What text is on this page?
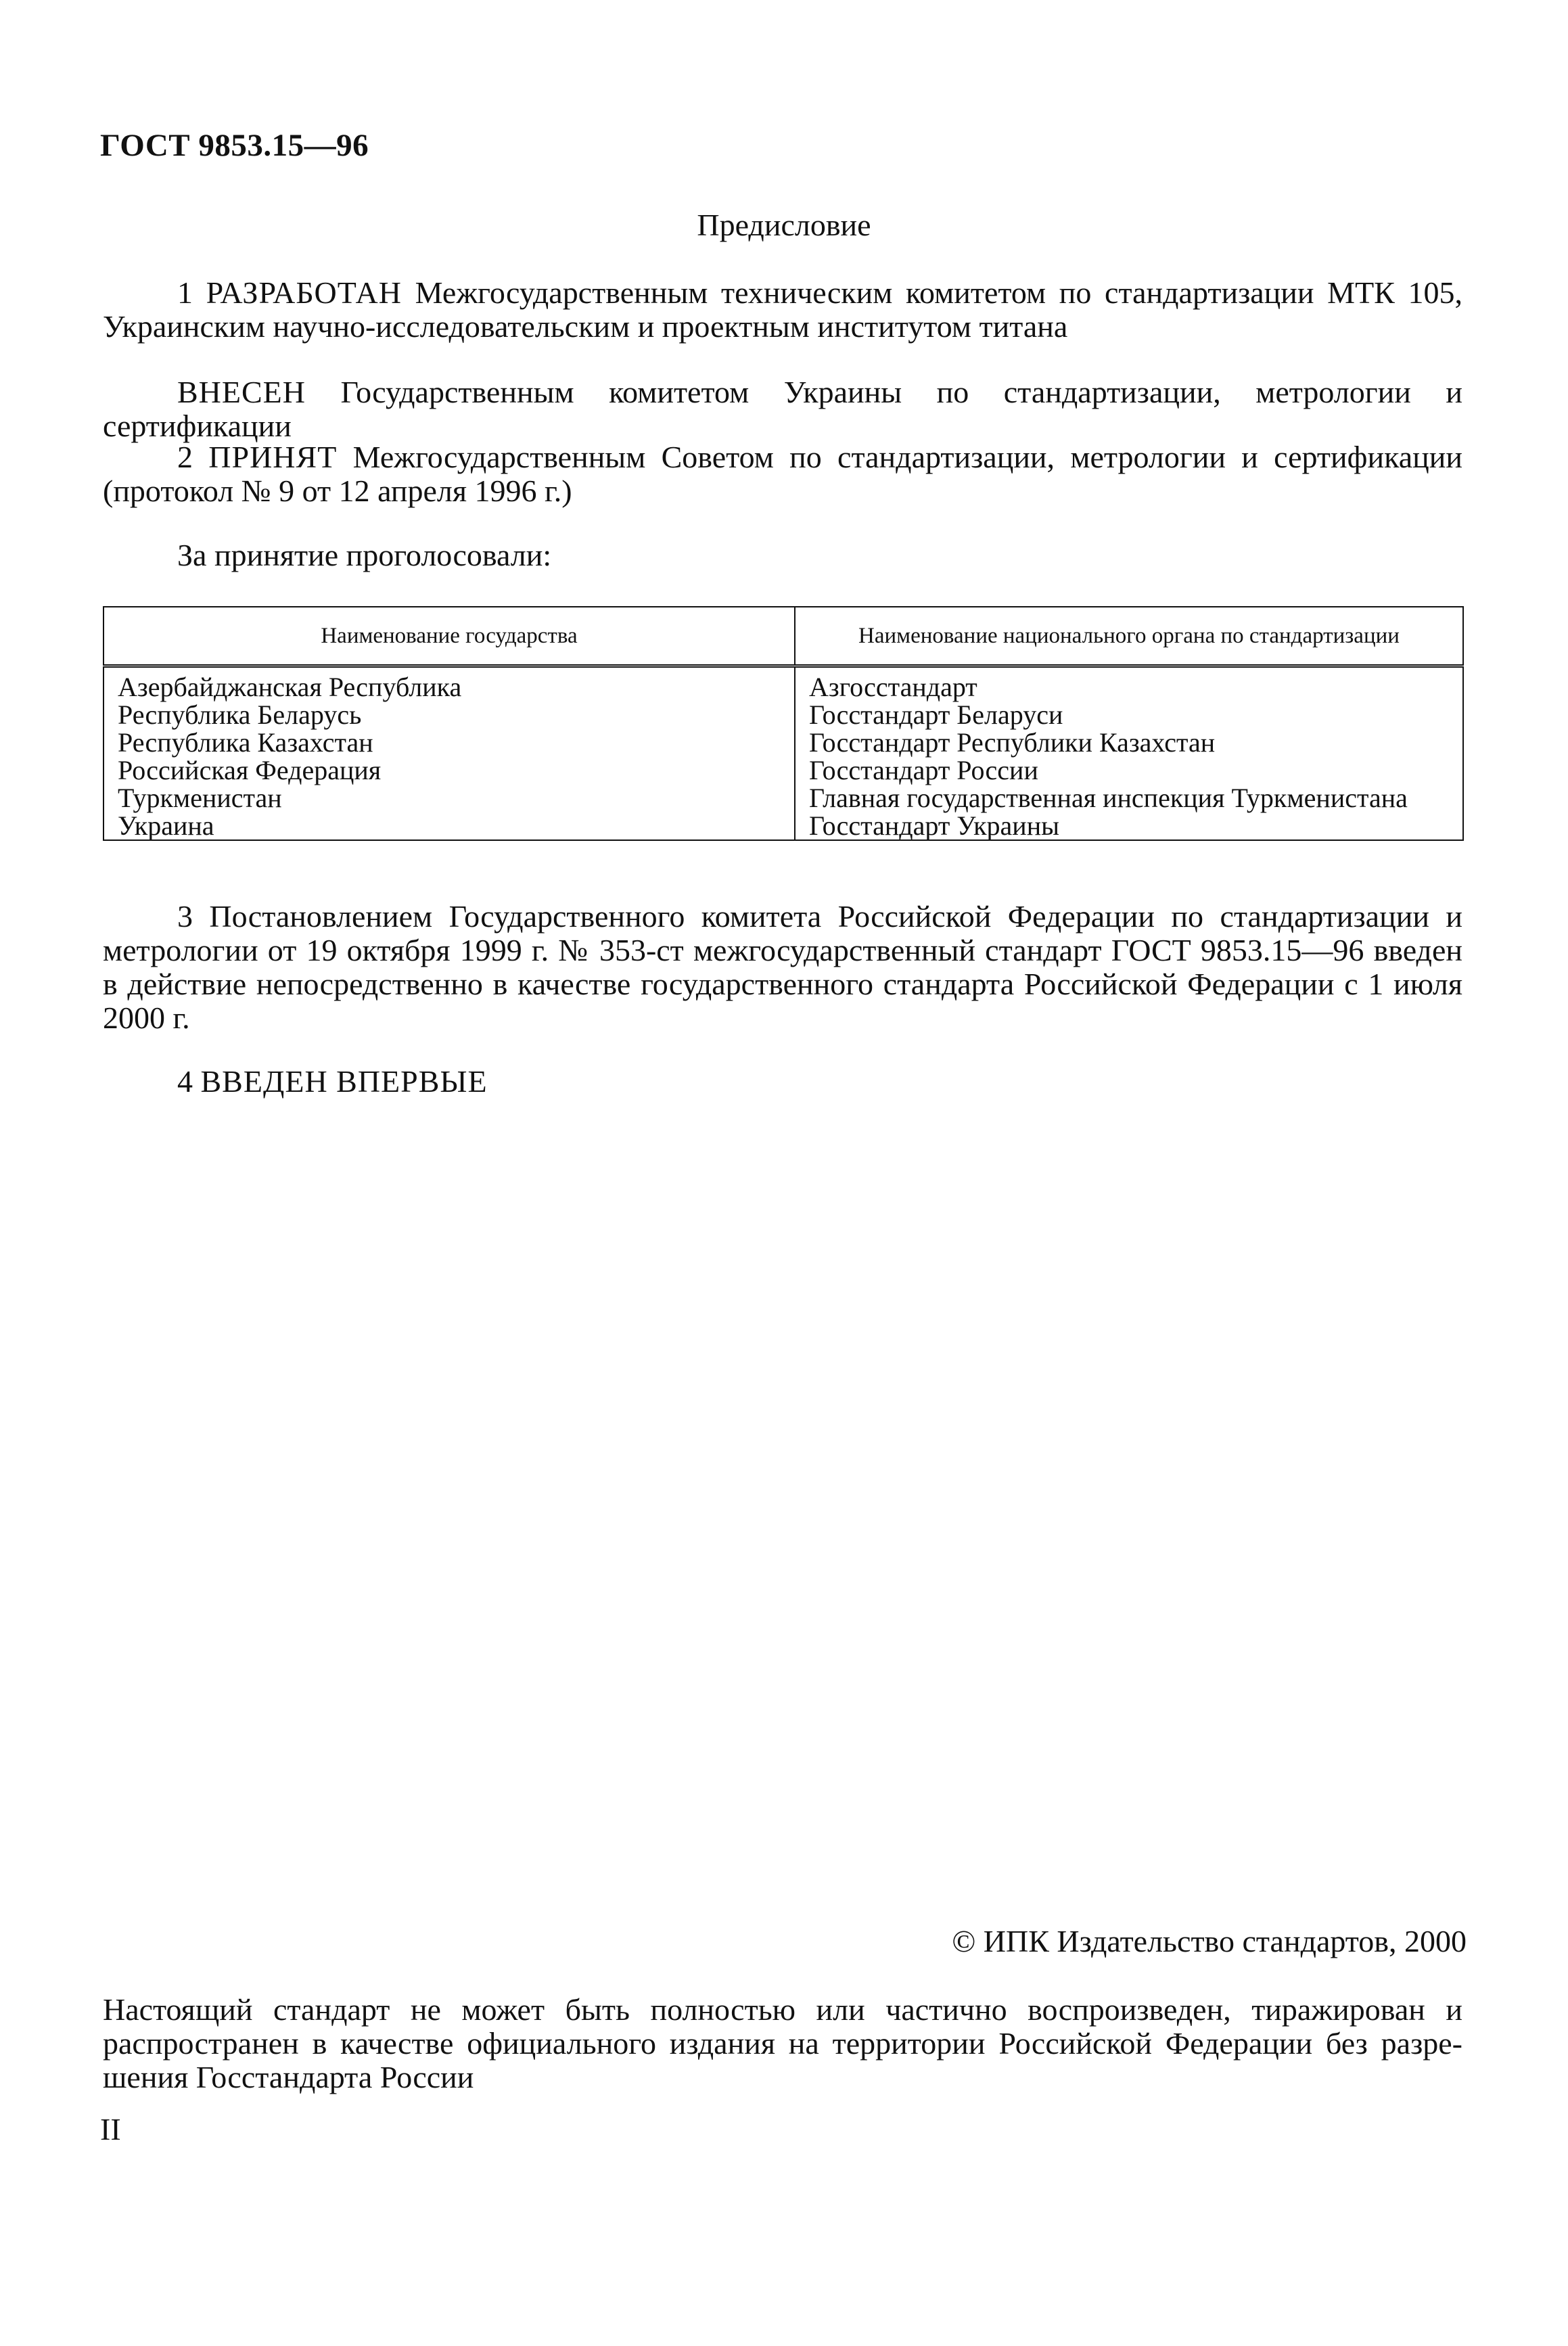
ГОСТ 9853.15—96
Предисловие
1 РАЗРАБОТАН Межгосударственным техническим комитетом по стандартизации МТК 105,
Украинским научно-исследовательским и проектным институтом титана
ВНЕСЕН Государственным комитетом Украины по стандартизации, метрологии и сертификации
2 ПРИНЯТ Межгосударственным Советом по стандартизации, метрологии и сертификации
(протокол № 9 от 12 апреля 1996 г.)
За принятие проголосовали:
Наименование государства	Наименование национального органа по стандартизации
Азербайджанская Республика	Азгосстандарт
Республика Беларусь	Госстандарт Беларуси
Республика Казахстан	Госстандарт Республики Казахстан
Российская Федерация	Госстандарт России
Туркменистан	Главная государственная инспекция Туркменистана
Украина	Госстандарт Украины
3 Постановлением Государственного комитета Российской Федерации по стандартизации и
метрологии от 19 октября 1999 г. № 353-ст межгосударственный стандарт ГОСТ 9853.15—96 введен
в действие непосредственно в качестве государственного стандарта Российской Федерации с 1 июля
2000 г.
4 ВВЕДЕН ВПЕРВЫЕ
© ИПК Издательство стандартов, 2000
Настоящий стандарт не может быть полностью или частично воспроизведен, тиражирован и
распространен в качестве официального издания на территории Российской Федерации без разре-
шения Госстандарта России
II
